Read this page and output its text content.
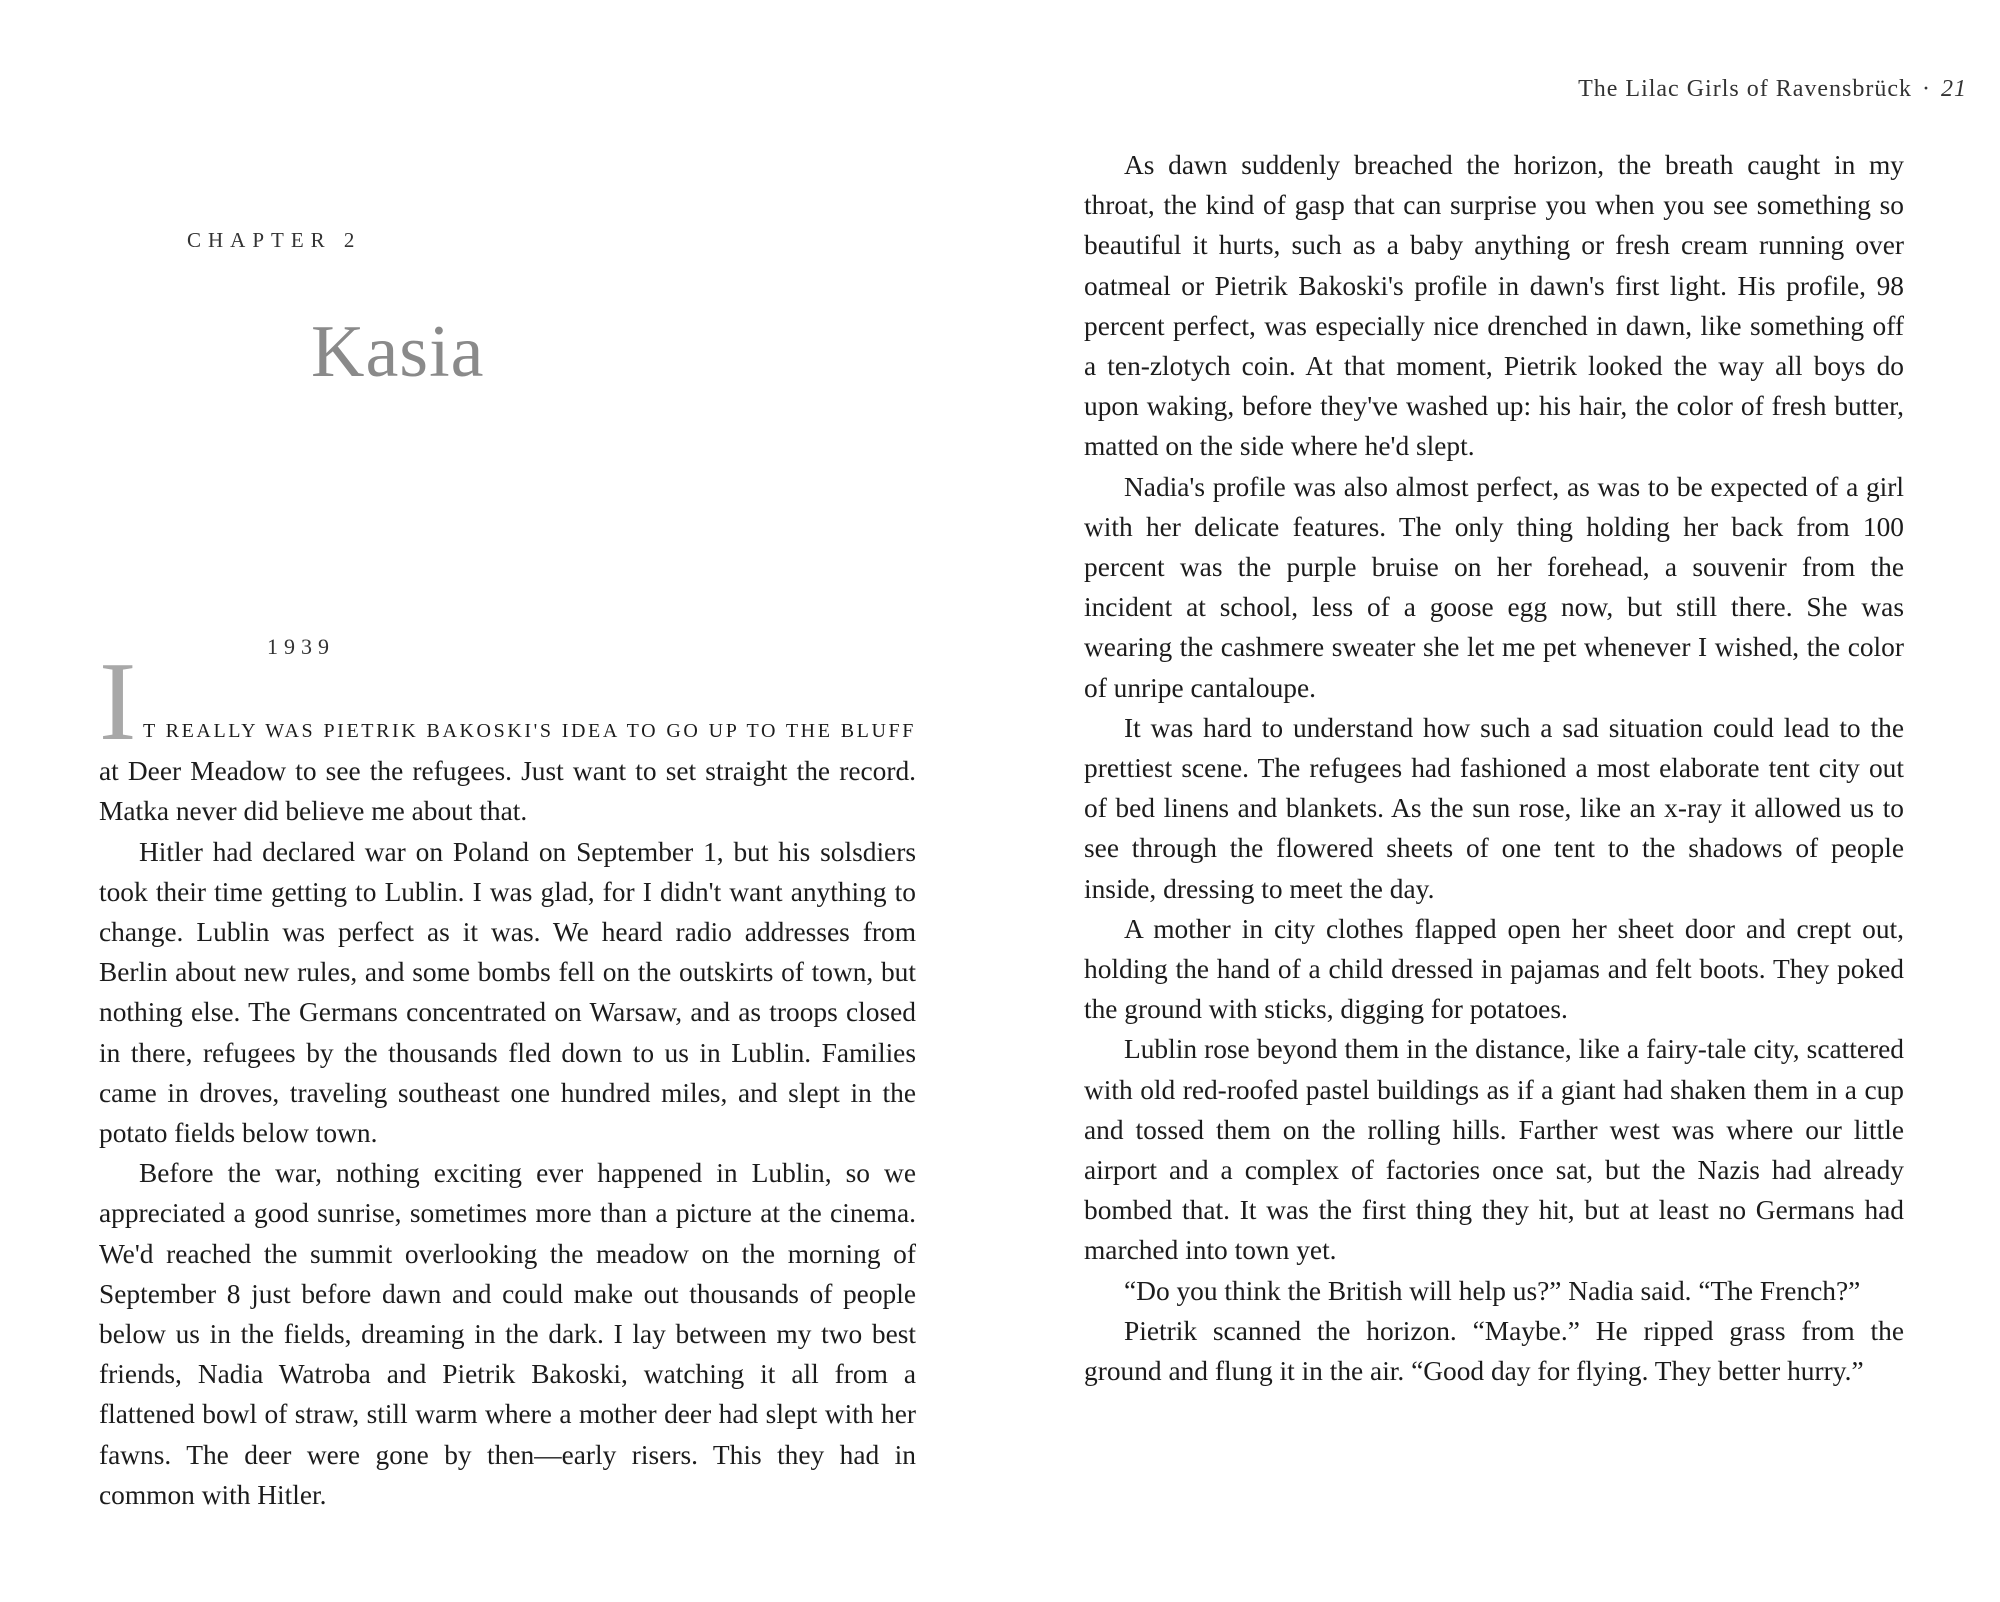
CHAPTER 2
Kasia
1939
I T REALLY WAS PIETRIK BAKOSKI'S IDEA TO GO UP TO THE BLUFF

at Deer Meadow to see the refugees. Just want to set straight the record. Matka never did believe me about that.

Hitler had declared war on Poland on September 1, but his solsdiers took their time getting to Lublin. I was glad, for I didn't want anything to change. Lublin was perfect as it was. We heard radio addresses from Berlin about new rules, and some bombs fell on the outskirts of town, but nothing else. The Germans concentrated on Warsaw, and as troops closed in there, refugees by the thousands fled down to us in Lublin. Families came in droves, traveling southeast one hundred miles, and slept in the potato fields below town.

Before the war, nothing exciting ever happened in Lublin, so we appreciated a good sunrise, sometimes more than a picture at the cinema. We'd reached the summit overlooking the meadow on the morning of September 8 just before dawn and could make out thousands of people below us in the fields, dreaming in the dark. I lay between my two best friends, Nadia Watroba and Pietrik Bakoski, watching it all from a flattened bowl of straw, still warm where a mother deer had slept with her fawns. The deer were gone by then—early risers. This they had in common with Hitler.

The Lilac Girls of Ravensbrück · 21

As dawn suddenly breached the horizon, the breath caught in my throat, the kind of gasp that can surprise you when you see something so beautiful it hurts, such as a baby anything or fresh cream running over oatmeal or Pietrik Bakoski's profile in dawn's first light. His profile, 98 percent perfect, was especially nice drenched in dawn, like something off a ten-zlotych coin. At that moment, Pietrik looked the way all boys do upon waking, before they've washed up: his hair, the color of fresh butter, matted on the side where he'd slept.

Nadia's profile was also almost perfect, as was to be expected of a girl with her delicate features. The only thing holding her back from 100 percent was the purple bruise on her forehead, a souvenir from the incident at school, less of a goose egg now, but still there. She was wearing the cashmere sweater she let me pet whenever I wished, the color of unripe cantaloupe.

It was hard to understand how such a sad situation could lead to the prettiest scene. The refugees had fashioned a most elaborate tent city out of bed linens and blankets. As the sun rose, like an x-ray it allowed us to see through the flowered sheets of one tent to the shadows of people inside, dressing to meet the day.

A mother in city clothes flapped open her sheet door and crept out, holding the hand of a child dressed in pajamas and felt boots. They poked the ground with sticks, digging for potatoes.

Lublin rose beyond them in the distance, like a fairy-tale city, scattered with old red-roofed pastel buildings as if a giant had shaken them in a cup and tossed them on the rolling hills. Farther west was where our little airport and a complex of factories once sat, but the Nazis had already bombed that. It was the first thing they hit, but at least no Germans had marched into town yet.

“Do you think the British will help us?” Nadia said. “The French?”

Pietrik scanned the horizon. “Maybe.” He ripped grass from the ground and flung it in the air. “Good day for flying. They better hurry.”
